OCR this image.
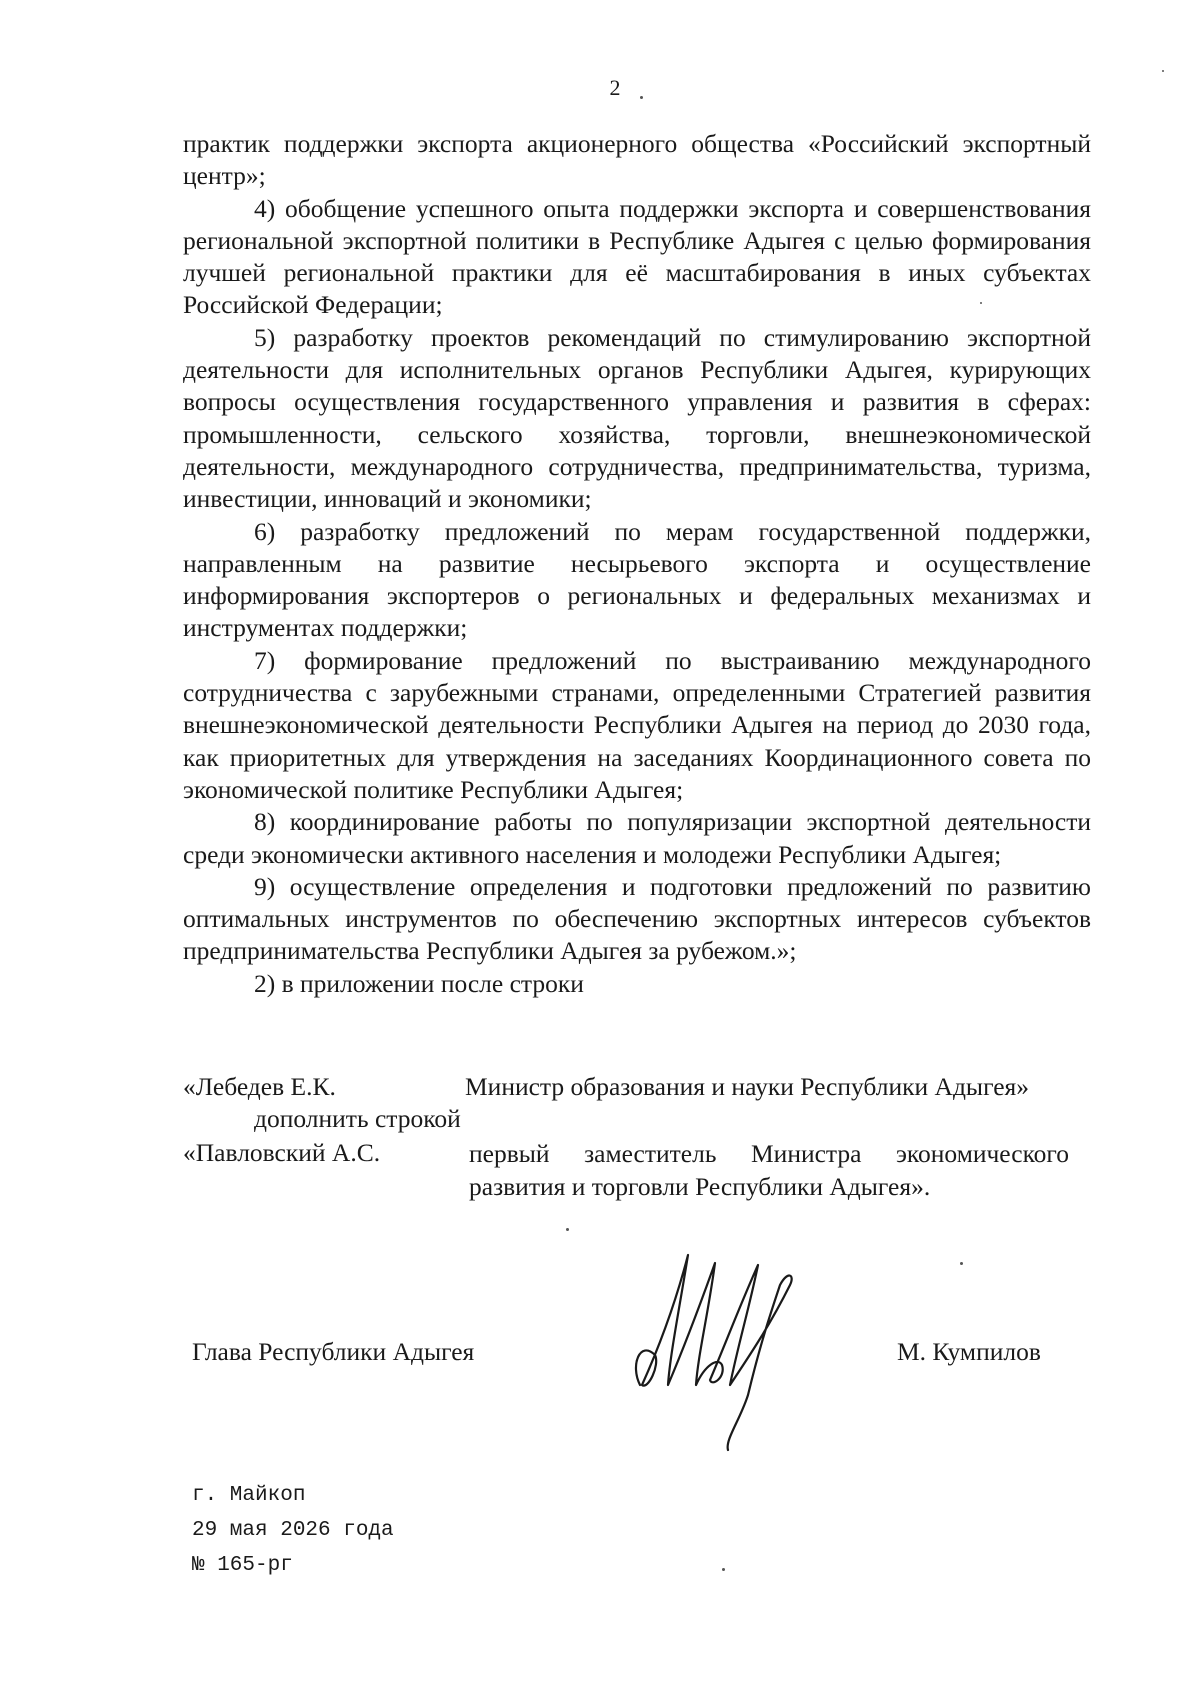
2

практик поддержки экспорта акционерного общества «Российский экспортный центр»;

4) обобщение успешного опыта поддержки экспорта и совершенствования региональной экспортной политики в Республике Адыгея с целью формирования лучшей региональной практики для её масштабирования в иных субъектах Российской Федерации;

5) разработку проектов рекомендаций по стимулированию экспортной деятельности для исполнительных органов Республики Адыгея, курирующих вопросы осуществления государственного управления и развития в сферах: промышленности, сельского хозяйства, торговли, внешнеэкономической деятельности, международного сотрудничества, предпринимательства, туризма, инвестиции, инноваций и экономики;

6) разработку предложений по мерам государственной поддержки, направленным на развитие несырьевого экспорта и осуществление информирования экспортеров о региональных и федеральных механизмах и инструментах поддержки;

7) формирование предложений по выстраиванию международного сотрудничества с зарубежными странами, определенными Стратегией развития внешнеэкономической деятельности Республики Адыгея на период до 2030 года, как приоритетных для утверждения на заседаниях Координационного совета по экономической политике Республики Адыгея;

8) координирование работы по популяризации экспортной деятельности среди экономически активного населения и молодежи Республики Адыгея;

9) осуществление определения и подготовки предложений по развитию оптимальных инструментов по обеспечению экспортных интересов субъектов предпринимательства Республики Адыгея за рубежом.»;

2) в приложении после строки

«Лебедев Е.К.	Министр образования и науки Республики Адыгея»
дополнить строкой
«Павловский А.С.	первый заместитель Министра экономического
развития и торговли Республики Адыгея».
Глава Республики Адыгея	М. Кумпилов
г. Майкоп
29 мая 2026 года
№ 165-рг
